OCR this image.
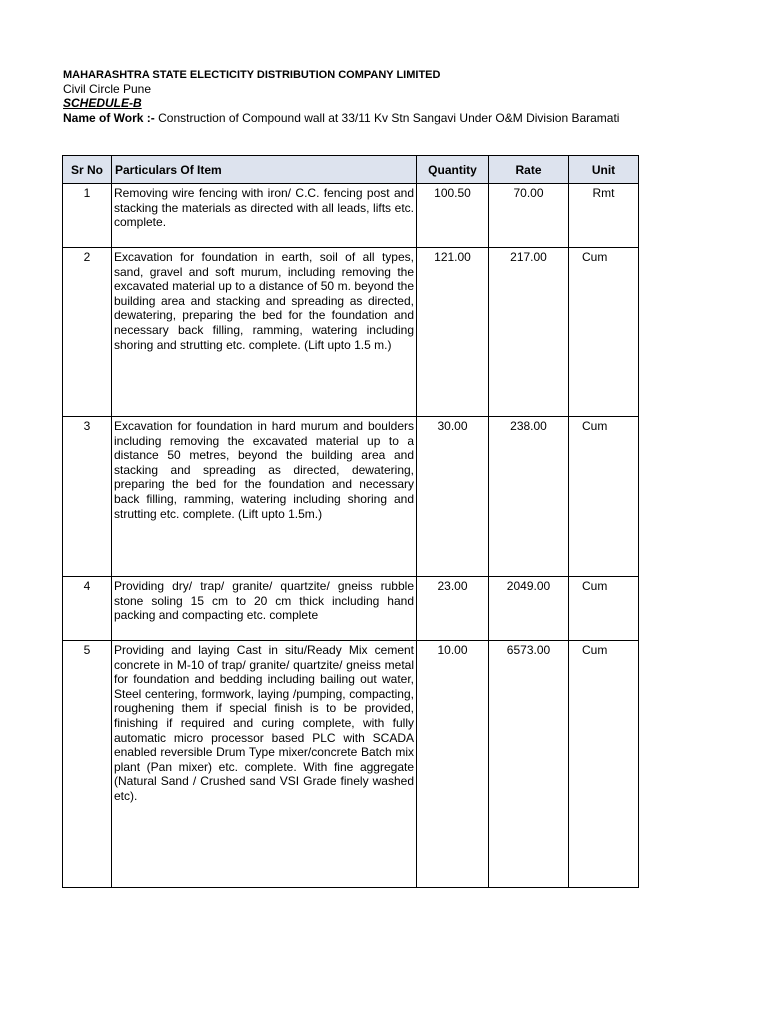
MAHARASHTRA STATE ELECTICITY DISTRIBUTION COMPANY LIMITED
Civil Circle Pune
SCHEDULE-B
Name of Work :- Construction of Compound wall at 33/11 Kv Stn Sangavi Under O&M Division Baramati
Sr No	Particulars Of Item	Quantity	Rate	Unit
1	Removing wire fencing with iron/ C.C. fencing post and stacking the materials as directed with all leads, lifts etc. complete.	100.50	70.00	Rmt
2	Excavation for foundation in earth, soil of all types, sand, gravel and soft murum, including removing the excavated material up to a distance of 50 m. beyond the building area and stacking and spreading as directed, dewatering, preparing the bed for the foundation and necessary back filling, ramming, watering including shoring and strutting etc. complete. (Lift upto 1.5 m.)	121.00	217.00	Cum
3	Excavation for foundation in hard murum and boulders including removing the excavated material up to a distance 50 metres, beyond the building area and stacking and spreading as directed, dewatering, preparing the bed for the foundation and necessary back filling, ramming, watering including shoring and strutting etc. complete. (Lift upto 1.5m.)	30.00	238.00	Cum
4	Providing dry/ trap/ granite/ quartzite/ gneiss rubble stone soling 15 cm to 20 cm thick including hand packing and compacting etc. complete	23.00	2049.00	Cum
5	Providing and laying Cast in situ/Ready Mix cement concrete in M-10 of trap/ granite/ quartzite/ gneiss metal for foundation and bedding including bailing out water, Steel centering, formwork, laying /pumping, compacting, roughening them if special finish is to be provided, finishing if required and curing complete, with fully automatic micro processor based PLC with SCADA enabled reversible Drum Type mixer/concrete Batch mix plant (Pan mixer) etc. complete. With fine aggregate (Natural Sand / Crushed sand VSI Grade finely washed etc).	10.00	6573.00	Cum
